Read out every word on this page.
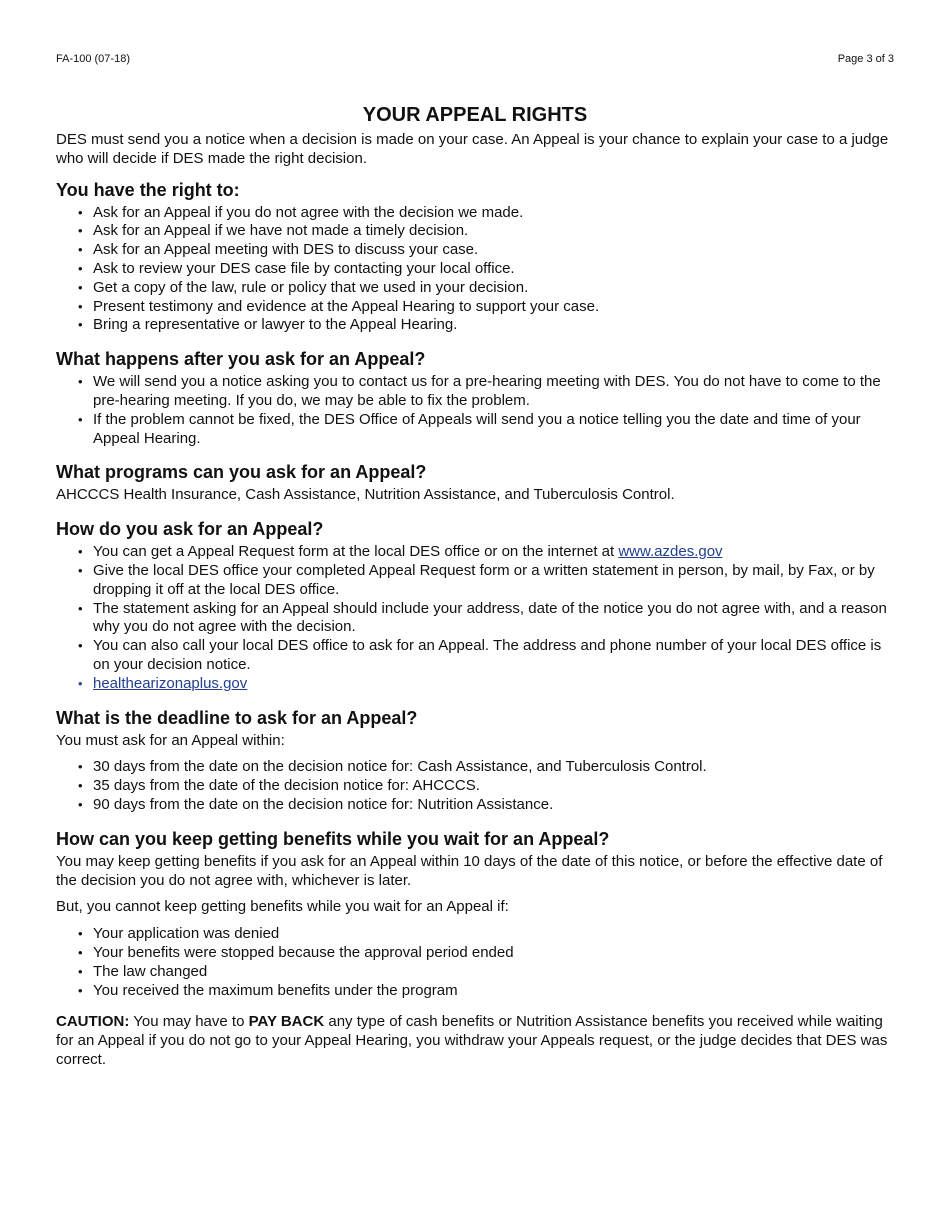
FA-100 (07-18)	Page 3 of 3
YOUR APPEAL RIGHTS

DES must send you a notice when a decision is made on your case. An Appeal is your chance to explain your case to a judge who will decide if DES made the right decision.

You have the right to:
• Ask for an Appeal if you do not agree with the decision we made.
• Ask for an Appeal if we have not made a timely decision.
• Ask for an Appeal meeting with DES to discuss your case.
• Ask to review your DES case file by contacting your local office.
• Get a copy of the law, rule or policy that we used in your decision.
• Present testimony and evidence at the Appeal Hearing to support your case.
• Bring a representative or lawyer to the Appeal Hearing.
What happens after you ask for an Appeal?
• We will send you a notice asking you to contact us for a pre-hearing meeting with DES. You do not have to come to the pre-hearing meeting. If you do, we may be able to fix the problem.
• If the problem cannot be fixed, the DES Office of Appeals will send you a notice telling you the date and time of your Appeal Hearing.
What programs can you ask for an Appeal?

AHCCCS Health Insurance, Cash Assistance, Nutrition Assistance, and Tuberculosis Control.

How do you ask for an Appeal?
• You can get a Appeal Request form at the local DES office or on the internet at www.azdes.gov
• Give the local DES office your completed Appeal Request form or a written statement in person, by mail, by Fax, or by dropping it off at the local DES office.
• The statement asking for an Appeal should include your address, date of the notice you do not agree with, and a reason why you do not agree with the decision.
• You can also call your local DES office to ask for an Appeal. The address and phone number of your local DES office is on your decision notice.
• healthearizonaplus.gov
What is the deadline to ask for an Appeal?

You must ask for an Appeal within:

• 30 days from the date on the decision notice for: Cash Assistance, and Tuberculosis Control.
• 35 days from the date of the decision notice for: AHCCCS.
• 90 days from the date on the decision notice for: Nutrition Assistance.
How can you keep getting benefits while you wait for an Appeal?

You may keep getting benefits if you ask for an Appeal within 10 days of the date of this notice, or before the effective date of the decision you do not agree with, whichever is later.

But, you cannot keep getting benefits while you wait for an Appeal if:

• Your application was denied
• Your benefits were stopped because the approval period ended
• The law changed
• You received the maximum benefits under the program

CAUTION: You may have to PAY BACK any type of cash benefits or Nutrition Assistance benefits you received while waiting for an Appeal if you do not go to your Appeal Hearing, you withdraw your Appeals request, or the judge decides that DES was correct.
